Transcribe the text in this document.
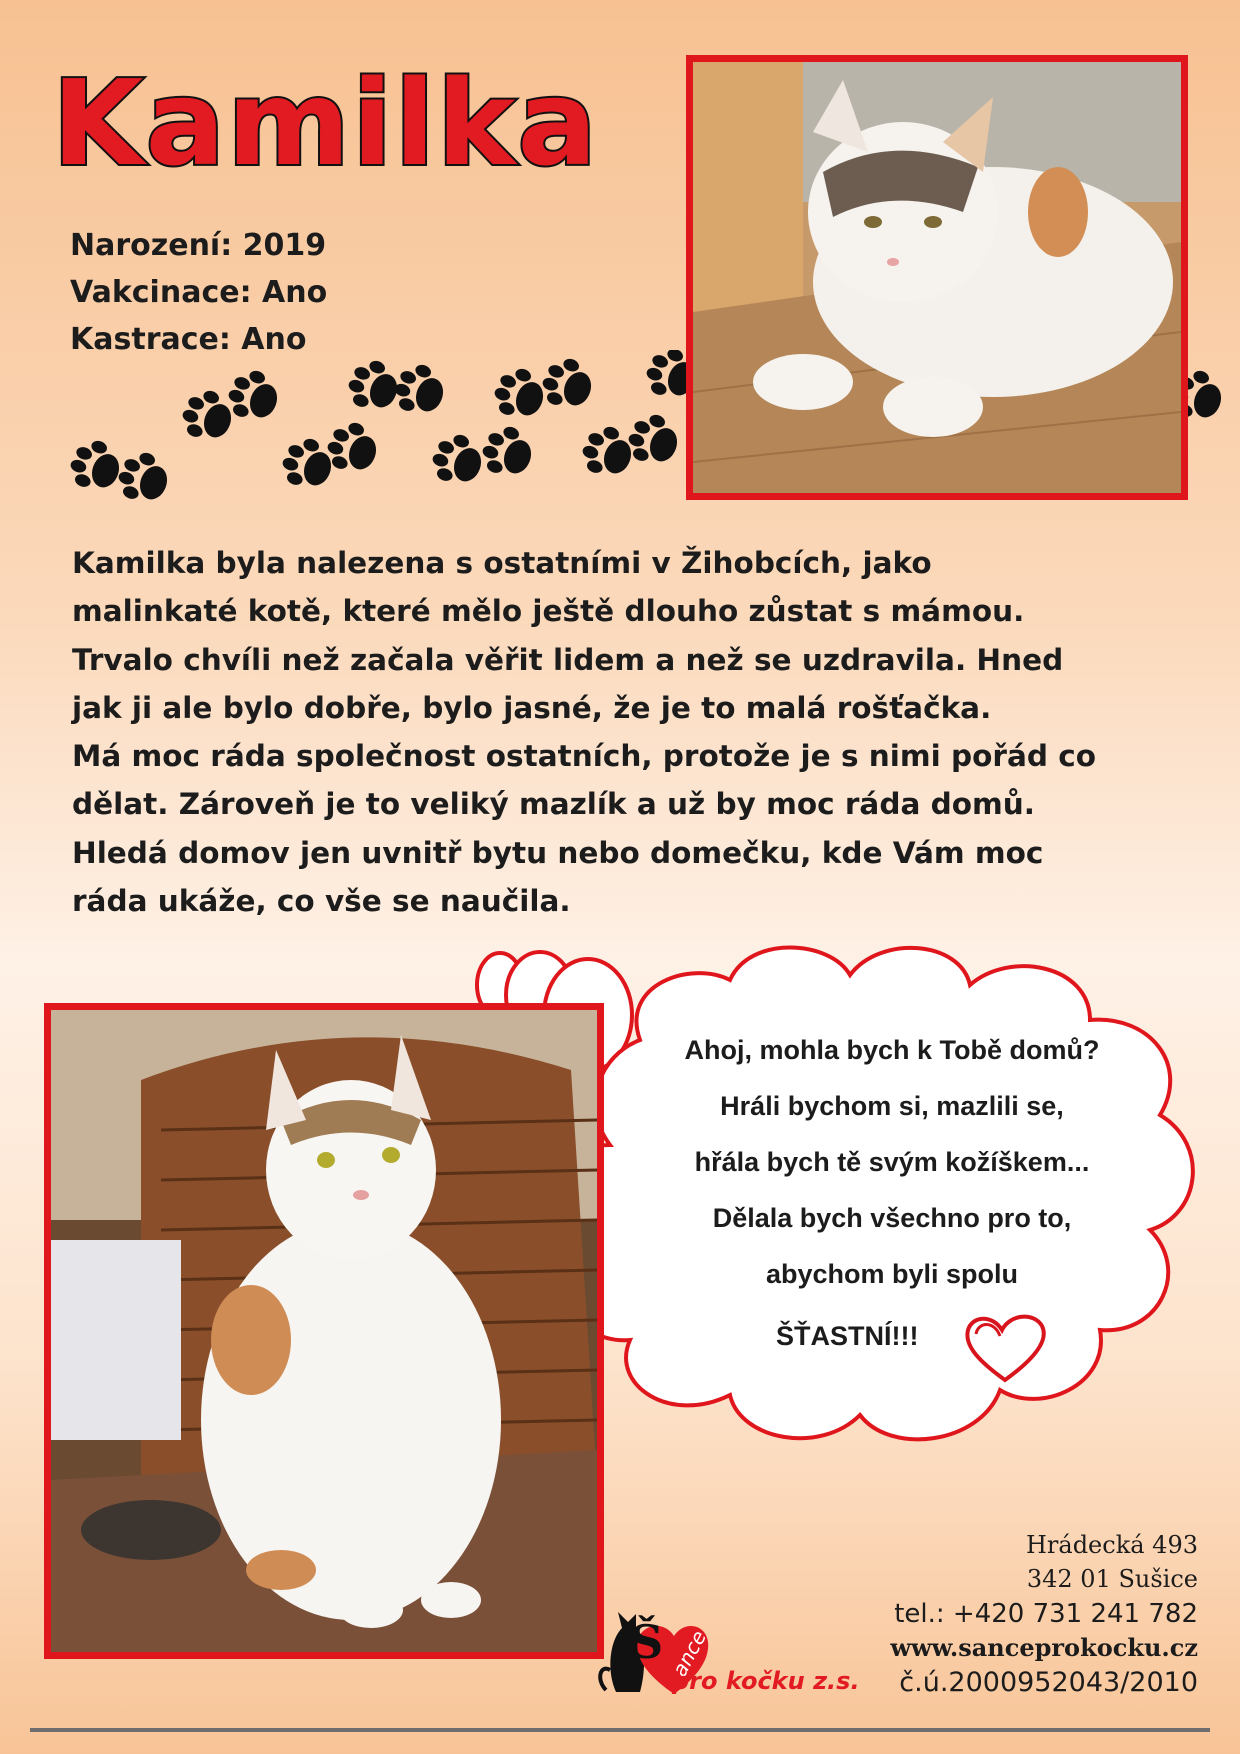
Kamilka
Narození: 2019
Vakcinace: Ano
Kastrace: Ano
Kamilka byla nalezena s ostatními v Žihobcích, jako
malinkaté kotě, které mělo ještě dlouho zůstat s mámou.
Trvalo chvíli než začala věřit lidem a než se uzdravila. Hned
jak ji ale bylo dobře, bylo jasné, že je to malá rošťačka.
Má moc ráda společnost ostatních, protože je s nimi pořád co
dělat. Zároveň je to veliký mazlík a už by moc ráda domů.
Hledá domov jen uvnitř bytu nebo domečku, kde Vám moc
ráda ukáže, co vše se naučila.
Ahoj, mohla bych k Tobě domů?
Hráli bychom si, mazlili se,
hřála bych tě svým kožíškem...
Dělala bych všechno pro to,
abychom byli spolu
ŠŤASTNÍ!!!
Š ance
pro kočku z.s.
Hrádecká 493
342 01 Sušice
tel.: +420 731 241 782
www.sanceprokocku.cz
č.ú.2000952043/2010
